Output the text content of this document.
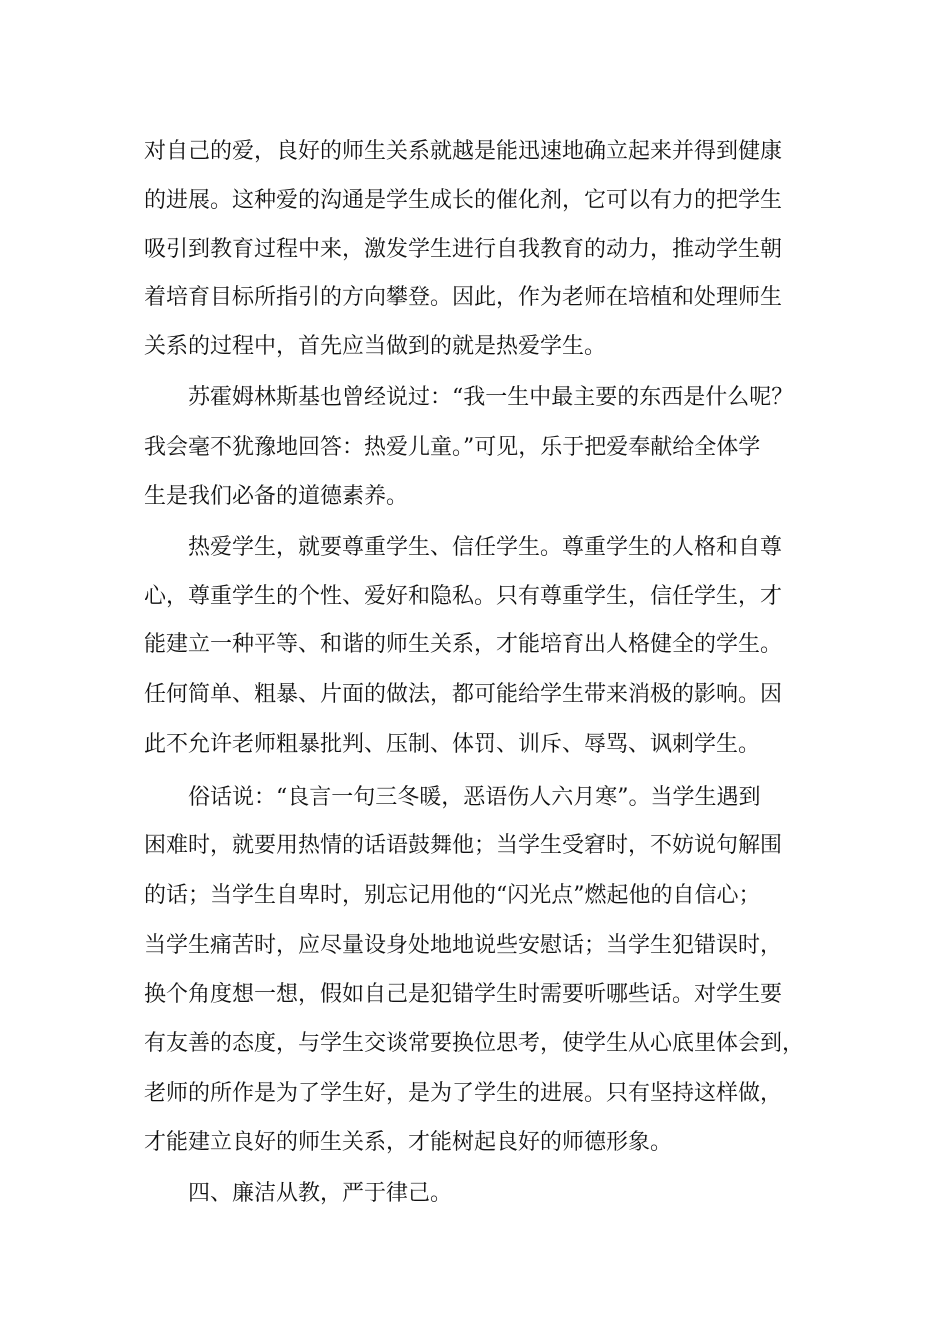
对自己的爱，良好的师生关系就越是能迅速地确立起来并得到健康
的进展。这种爱的沟通是学生成长的催化剂，它可以有力的把学生
吸引到教育过程中来，激发学生进行自我教育的动力，推动学生朝
着培育目标所指引的方向攀登。因此，作为老师在培植和处理师生
关系的过程中，首先应当做到的就是热爱学生。
苏霍姆林斯基也曾经说过：“我一生中最主要的东西是什么呢？
我会毫不犹豫地回答：热爱儿童。”可见，乐于把爱奉献给全体学
生是我们必备的道德素养。
热爱学生，就要尊重学生、信任学生。尊重学生的人格和自尊
心，尊重学生的个性、爱好和隐私。只有尊重学生，信任学生，才
能建立一种平等、和谐的师生关系，才能培育出人格健全的学生。
任何简单、粗暴、片面的做法，都可能给学生带来消极的影响。因
此不允许老师粗暴批判、压制、体罚、训斥、辱骂、讽刺学生。
俗话说：“良言一句三冬暖，恶语伤人六月寒”。当学生遇到
困难时，就要用热情的话语鼓舞他；当学生受窘时，不妨说句解围
的话；当学生自卑时，别忘记用他的“闪光点”燃起他的自信心；
当学生痛苦时，应尽量设身处地地说些安慰话；当学生犯错误时，
换个角度想一想，假如自己是犯错学生时需要听哪些话。对学生要
有友善的态度，与学生交谈常要换位思考，使学生从心底里体会到，
老师的所作是为了学生好，是为了学生的进展。只有坚持这样做，
才能建立良好的师生关系，才能树起良好的师德形象。
四、廉洁从教，严于律己。
